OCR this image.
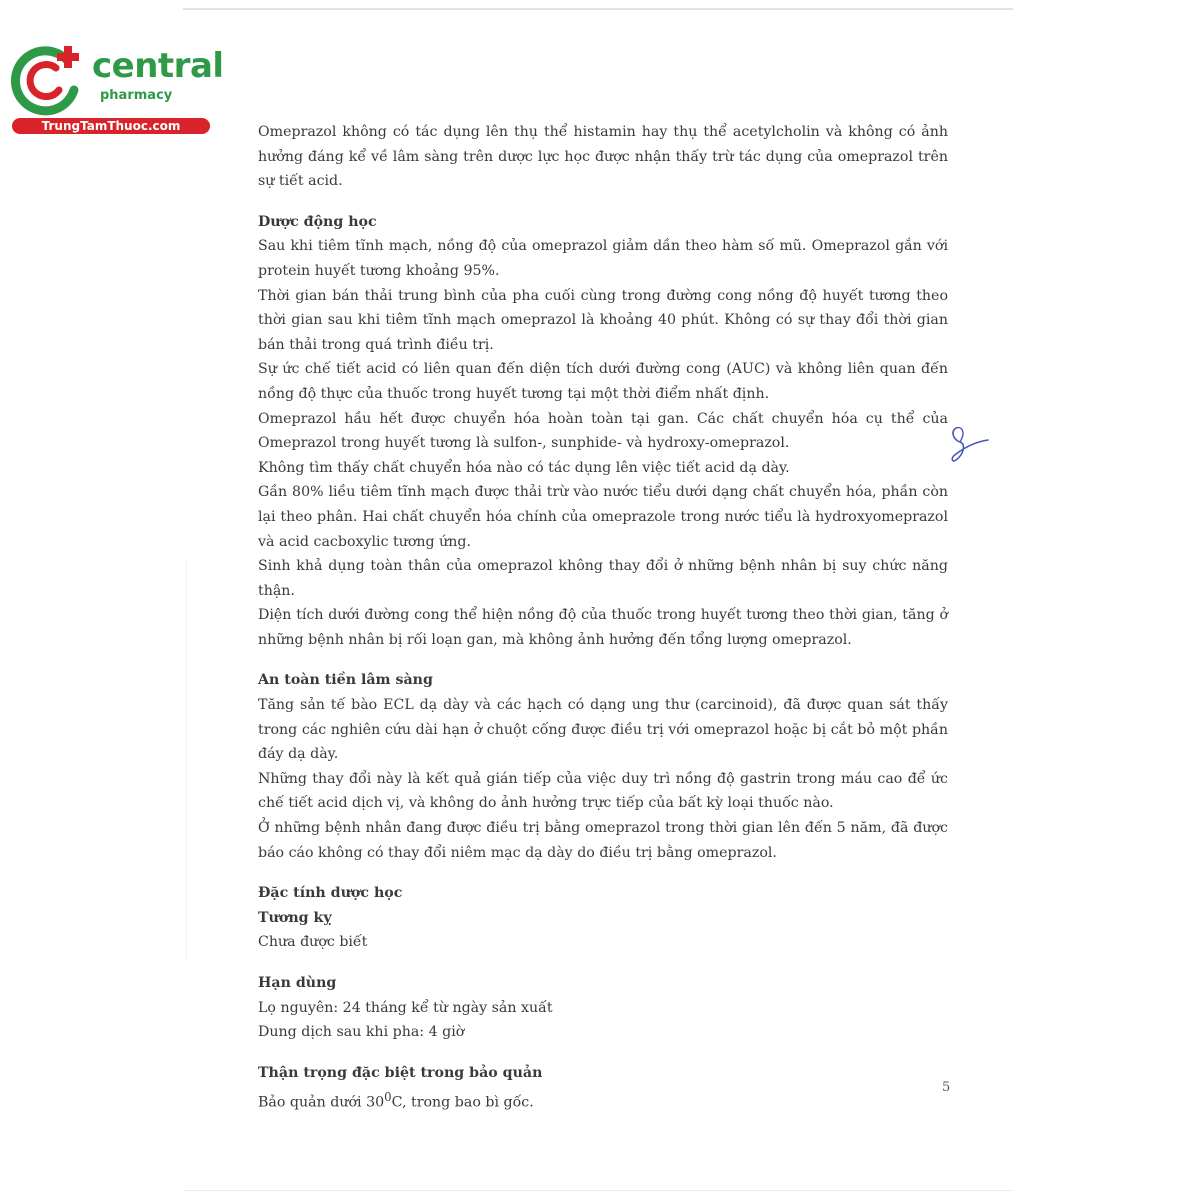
central
pharmacy
TrungTamThuoc.com	Omeprazol không có tác dụng lên thụ thể histamin hay thụ thể acetylcholin và không có ảnh hưởng đáng kể về lâm sàng trên dược lực học được nhận thấy trừ tác dụng của omeprazol trên sự tiết acid.

Dược động học

Sau khi tiêm tĩnh mạch, nồng độ của omeprazol giảm dần theo hàm số mũ. Omeprazol gắn với protein huyết tương khoảng 95%.

Thời gian bán thải trung bình của pha cuối cùng trong đường cong nồng độ huyết tương theo thời gian sau khi tiêm tĩnh mạch omeprazol là khoảng 40 phút. Không có sự thay đổi thời gian bán thải trong quá trình điều trị.

Sự ức chế tiết acid có liên quan đến diện tích dưới đường cong (AUC) và không liên quan đến nồng độ thực của thuốc trong huyết tương tại một thời điểm nhất định.

Omeprazol hầu hết được chuyển hóa hoàn toàn tại gan. Các chất chuyển hóa cụ thể của Omeprazol trong huyết tương là sulfon-, sunphide- và hydroxy-omeprazol.

Không tìm thấy chất chuyển hóa nào có tác dụng lên việc tiết acid dạ dày.

Gần 80% liều tiêm tĩnh mạch được thải trừ vào nước tiểu dưới dạng chất chuyển hóa, phần còn lại theo phân. Hai chất chuyển hóa chính của omeprazole trong nước tiểu là hydroxyomeprazol và acid cacboxylic tương ứng.

Sinh khả dụng toàn thân của omeprazol không thay đổi ở những bệnh nhân bị suy chức năng thận.

Diện tích dưới đường cong thể hiện nồng độ của thuốc trong huyết tương theo thời gian, tăng ở những bệnh nhân bị rối loạn gan, mà không ảnh hưởng đến tổng lượng omeprazol.

An toàn tiền lâm sàng

Tăng sản tế bào ECL dạ dày và các hạch có dạng ung thư (carcinoid), đã được quan sát thấy trong các nghiên cứu dài hạn ở chuột cống được điều trị với omeprazol hoặc bị cắt bỏ một phần đáy dạ dày.

Những thay đổi này là kết quả gián tiếp của việc duy trì nồng độ gastrin trong máu cao để ức chế tiết acid dịch vị, và không do ảnh hưởng trực tiếp của bất kỳ loại thuốc nào.

Ở những bệnh nhân đang được điều trị bằng omeprazol trong thời gian lên đến 5 năm, đã được báo cáo không có thay đổi niêm mạc dạ dày do điều trị bằng omeprazol.

Đặc tính dược học
Tương kỵ

Chưa được biết

Hạn dùng

Lọ nguyên: 24 tháng kể từ ngày sản xuất

Dung dịch sau khi pha: 4 giờ

Thận trọng đặc biệt trong bảo quản

Bảo quản dưới $30^0C$, trong bao bì gốc.

5
